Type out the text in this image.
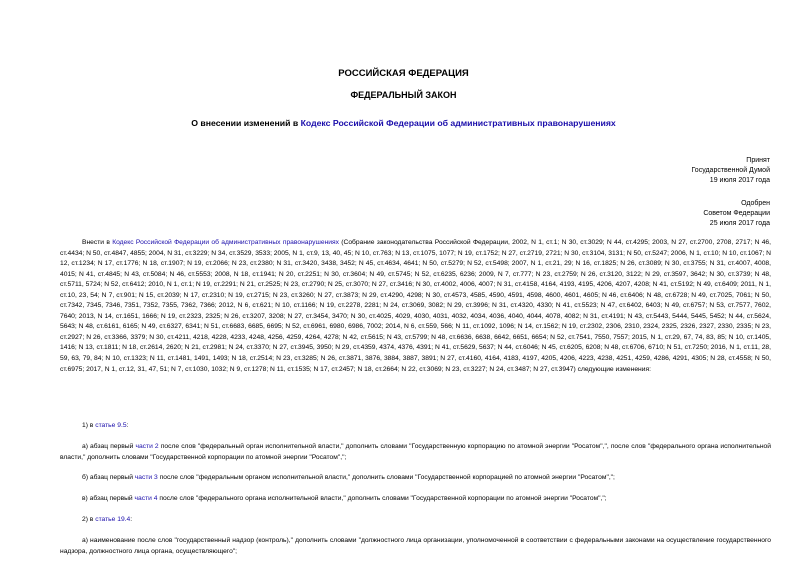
РОССИЙСКАЯ ФЕДЕРАЦИЯ
ФЕДЕРАЛЬНЫЙ ЗАКОН
О внесении изменений в Кодекс Российской Федерации об административных правонарушениях
Принят
Государственной Думой
19 июля 2017 года
Одобрен
Советом Федерации
25 июля 2017 года
Внести в Кодекс Российской Федерации об административных правонарушениях (Собрание законодательства Российской Федерации, 2002, N 1, ст.1; N 30, ст.3029; N 44, ст.4295; 2003, N 27, ст.2700, 2708, 2717; N 46, ст.4434; N 50, ст.4847, 4855; 2004, N 31, ст.3229; N 34, ст.3529, 3533; 2005, N 1, ст.9, 13, 40, 45; N 10, ст.763; N 13, ст.1075, 1077; N 19, ст.1752; N 27, ст.2719, 2721; N 30, ст.3104, 3131; N 50, ст.5247; 2006, N 1, ст.10; N 10, ст.1067; N 12, ст.1234; N 17, ст.1776; N 18, ст.1907; N 19, ст.2066; N 23, ст.2380; N 31, ст.3420, 3438, 3452; N 45, ст.4634, 4641; N 50, ст.5279; N 52, ст.5498; 2007, N 1, ст.21, 29; N 16, ст.1825; N 26, ст.3089; N 30, ст.3755; N 31, ст.4007, 4008, 4015; N 41, ст.4845; N 43, ст.5084; N 46, ст.5553; 2008, N 18, ст.1941; N 20, ст.2251; N 30, ст.3604; N 49, ст.5745; N 52, ст.6235, 6236; 2009, N 7, ст.777; N 23, ст.2759; N 26, ст.3120, 3122; N 29, ст.3597, 3642; N 30, ст.3739; N 48, ст.5711, 5724; N 52, ст.6412; 2010, N 1, ст.1; N 19, ст.2291; N 21, ст.2525; N 23, ст.2790; N 25, ст.3070; N 27, ст.3416; N 30, ст.4002, 4006, 4007; N 31, ст.4158, 4164, 4193, 4195, 4206, 4207, 4208; N 41, ст.5192; N 49, ст.6409; 2011, N 1, ст.10, 23, 54; N 7, ст.901; N 15, ст.2039; N 17, ст.2310; N 19, ст.2715; N 23, ст.3260; N 27, ст.3873; N 29, ст.4290, 4298; N 30, ст.4573, 4585, 4590, 4591, 4598, 4600, 4601, 4605; N 46, ст.6406; N 48, ст.6728; N 49, ст.7025, 7061; N 50, ст.7342, 7345, 7346, 7351, 7352, 7355, 7362, 7366; 2012, N 6, ст.621; N 10, ст.1166; N 19, ст.2278, 2281; N 24, ст.3069, 3082; N 29, ст.3996; N 31, ст.4320, 4330; N 41, ст.5523; N 47, ст.6402, 6403; N 49, ст.6757; N 53, ст.7577, 7602, 7640; 2013, N 14, ст.1651, 1666; N 19, ст.2323, 2325; N 26, ст.3207, 3208; N 27, ст.3454, 3470; N 30, ст.4025, 4029, 4030, 4031, 4032, 4034, 4036, 4040, 4044, 4078, 4082; N 31, ст.4191; N 43, ст.5443, 5444, 5445, 5452; N 44, ст.5624, 5643; N 48, ст.6161, 6165; N 49, ст.6327, 6341; N 51, ст.6683, 6685, 6695; N 52, ст.6961, 6980, 6986, 7002; 2014, N 6, ст.559, 566; N 11, ст.1092, 1096; N 14, ст.1562; N 19, ст.2302, 2306, 2310, 2324, 2325, 2326, 2327, 2330, 2335; N 23, ст.2927; N 26, ст.3366, 3379; N 30, ст.4211, 4218, 4228, 4233, 4248, 4256, 4259, 4264, 4278; N 42, ст.5615; N 43, ст.5799; N 48, ст.6636, 6638, 6642, 6651, 6654; N 52, ст.7541, 7550, 7557; 2015, N 1, ст.29, 67, 74, 83, 85; N 10, ст.1405, 1416; N 13, ст.1811; N 18, ст.2614, 2620; N 21, ст.2981; N 24, ст.3370; N 27, ст.3945, 3950; N 29, ст.4359, 4374, 4376, 4391; N 41, ст.5629, 5637; N 44, ст.6046; N 45, ст.6205, 6208; N 48, ст.6706, 6710; N 51, ст.7250; 2016, N 1, ст.11, 28, 59, 63, 79, 84; N 10, ст.1323; N 11, ст.1481, 1491, 1493; N 18, ст.2514; N 23, ст.3285; N 26, ст.3871, 3876, 3884, 3887, 3891; N 27, ст.4160, 4164, 4183, 4197, 4205, 4206, 4223, 4238, 4251, 4259, 4286, 4291, 4305; N 28, ст.4558; N 50, ст.6975; 2017, N 1, ст.12, 31, 47, 51; N 7, ст.1030, 1032; N 9, ст.1278; N 11, ст.1535; N 17, ст.2457; N 18, ст.2664; N 22, ст.3069; N 23, ст.3227; N 24, ст.3487; N 27, ст.3947) следующие изменения:
1) в статье 9.5:
а) абзац первый части 2 после слов "федеральный орган исполнительной власти," дополнить словами "Государственную корпорацию по атомной энергии "Росатом",", после слов "федерального органа исполнительной власти," дополнить словами "Государственной корпорации по атомной энергии "Росатом",";
б) абзац первый части 3 после слов "федеральным органом исполнительной власти," дополнить словами "Государственной корпорацией по атомной энергии "Росатом",";
в) абзац первый части 4 после слов "федерального органа исполнительной власти," дополнить словами "Государственной корпорации по атомной энергии "Росатом",";
2) в статье 19.4:
а) наименование после слов "государственный надзор (контроль)," дополнить словами "должностного лица организации, уполномоченной в соответствии с федеральными законами на осуществление государственного надзора, должностного лица органа, осуществляющего";
